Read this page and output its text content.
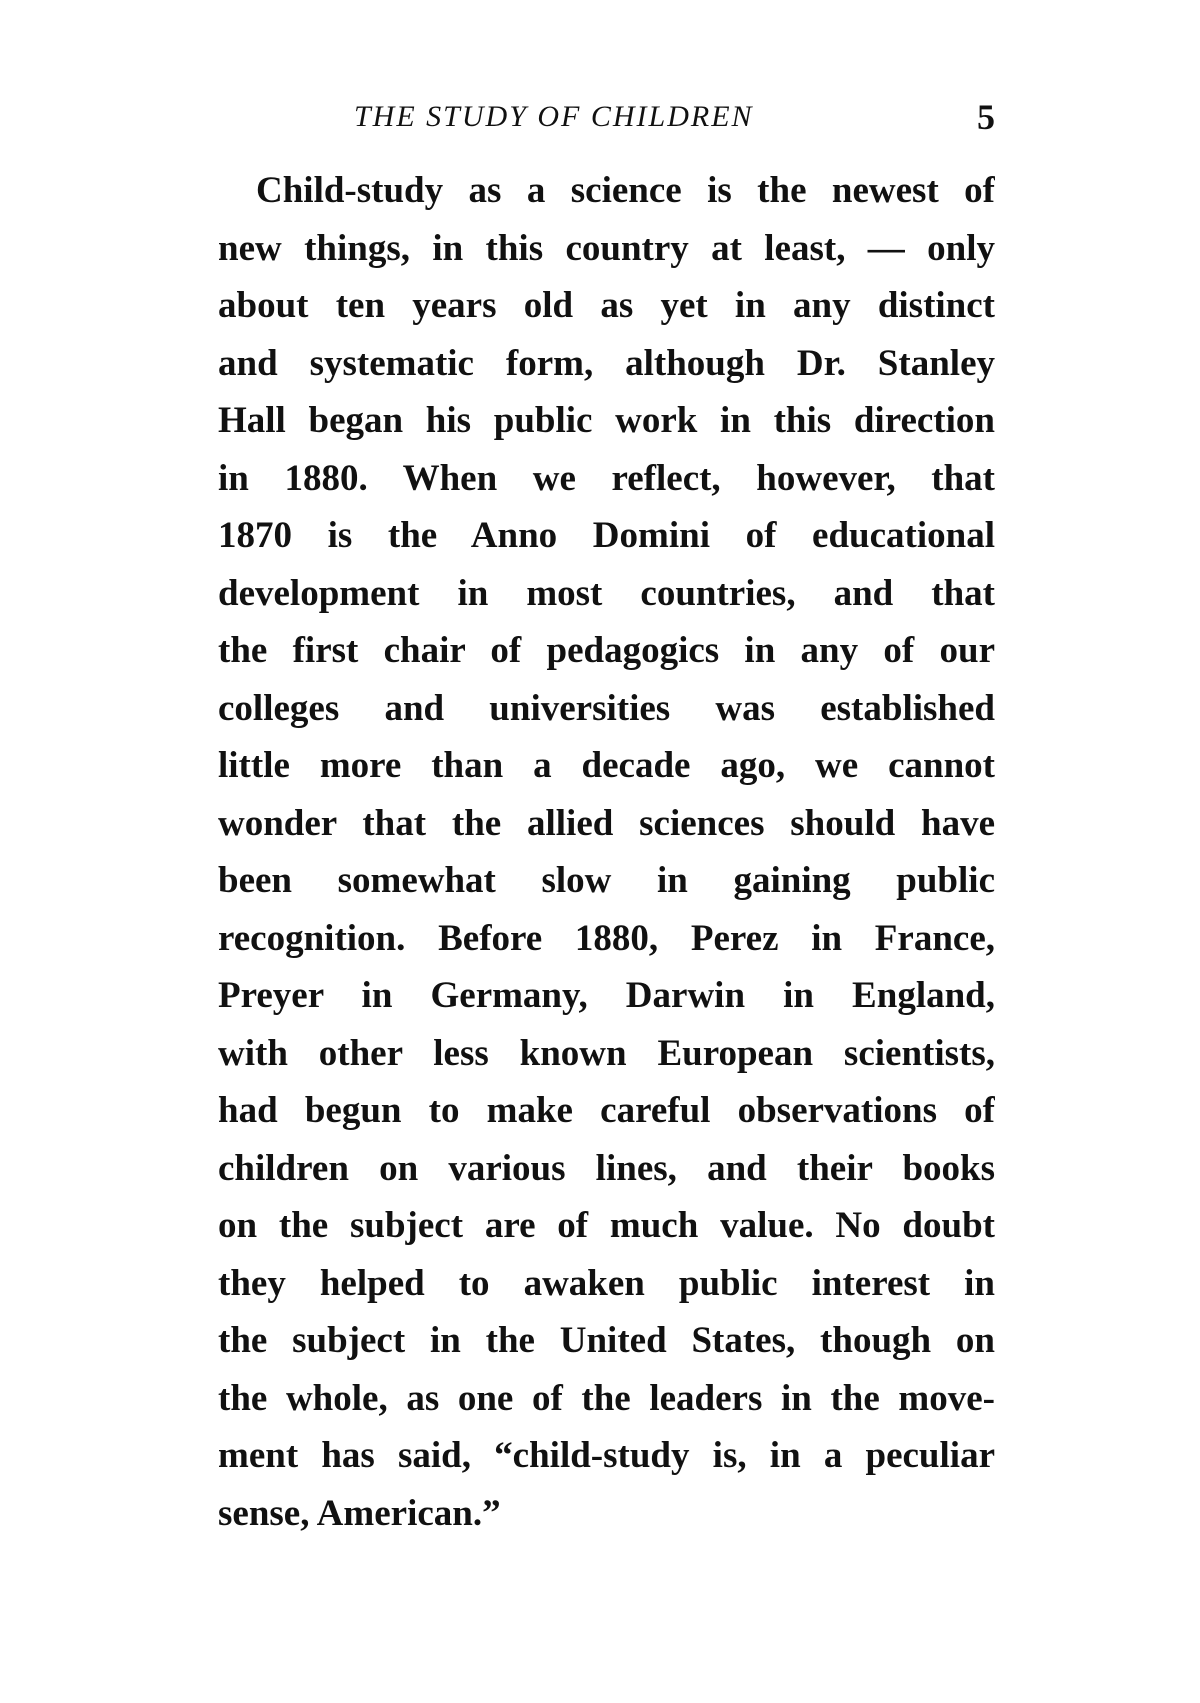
THE STUDY OF CHILDREN	5
Child-study as a science is the newest of
new things, in this country at least, — only
about ten years old as yet in any distinct
and systematic form, although Dr. Stanley
Hall began his public work in this direction
in 1880. When we reflect, however, that
1870 is the Anno Domini of educational
development in most countries, and that
the first chair of pedagogics in any of our
colleges and universities was established
little more than a decade ago, we cannot
wonder that the allied sciences should have
been somewhat slow in gaining public
recognition. Before 1880, Perez in France,
Preyer in Germany, Darwin in England,
with other less known European scientists,
had begun to make careful observations of
children on various lines, and their books
on the subject are of much value. No doubt
they helped to awaken public interest in
the subject in the United States, though on
the whole, as one of the leaders in the move-
ment has said, “child-study is, in a peculiar
sense, American.”
